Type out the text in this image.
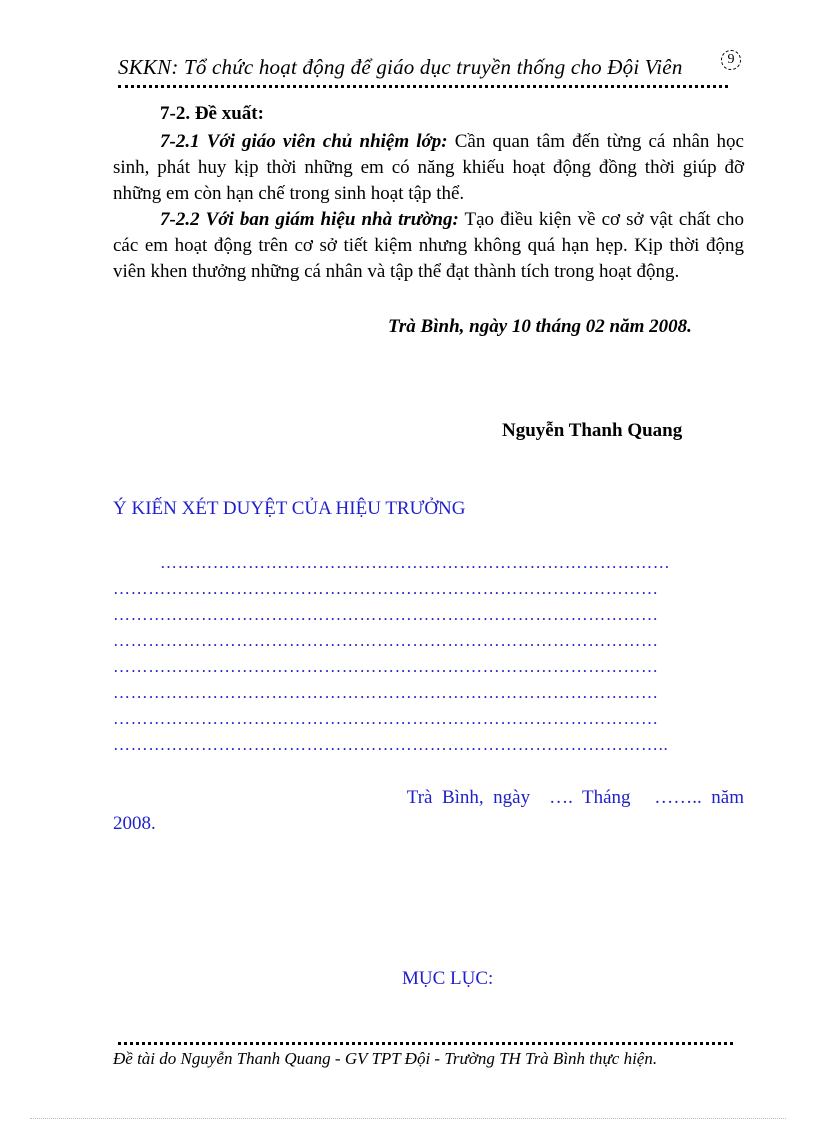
SKKN: Tổ chức hoạt động để giáo dục truyền thống cho Đội Viên	9
7-2. Đề xuất:
7-2.1 Với giáo viên chủ nhiệm lớp: Cần quan tâm đến từng cá nhân học sinh, phát huy kịp thời những em có năng khiếu hoạt động đồng thời giúp đỡ những em còn hạn chế trong sinh hoạt tập thể.
7-2.2 Với ban giám hiệu nhà trường: Tạo điều kiện về cơ sở vật chất cho các em hoạt động trên cơ sở tiết kiệm nhưng không quá hạn hẹp. Kịp thời động viên khen thưởng những cá nhân và tập thể đạt thành tích trong hoạt động.
Trà Bình, ngày 10 tháng 02 năm 2008.
Nguyễn Thanh Quang
Ý KIẾN XÉT DUYỆT CỦA HIỆU TRƯỞNG
……………………………………………………………………………
…………………………………………………………………………………
…………………………………………………………………………………
…………………………………………………………………………………
…………………………………………………………………………………
…………………………………………………………………………………
…………………………………………………………………………………
…………………………………………………………………………………..
Trà  Bình,  ngày    ….  Tháng     ……..  năm
2008.
MỤC LỤC:
Đề tài do Nguyễn Thanh Quang - GV TPT Đội - Trường TH Trà Bình thực hiện.
